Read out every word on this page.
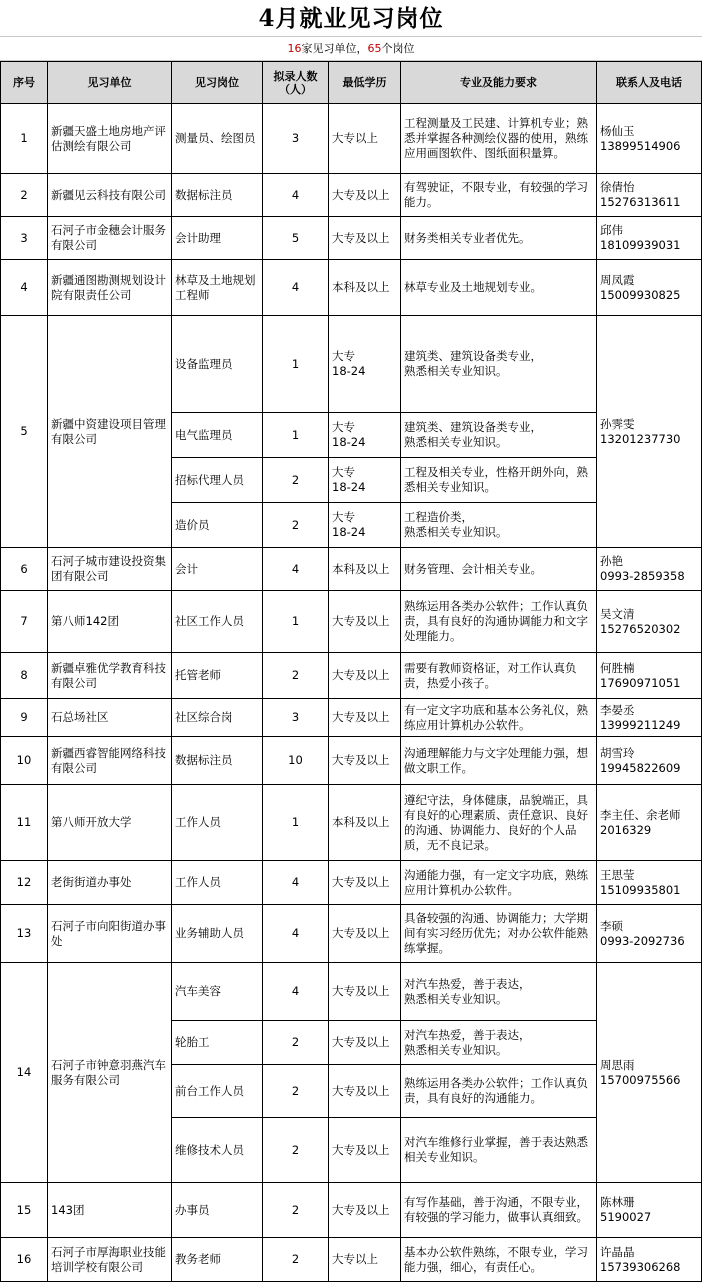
4月就业见习岗位
16家见习单位，65个岗位
序号	见习单位	见习岗位	拟录人数（人）	最低学历	专业及能力要求	联系人及电话
1	新疆天盛土地房地产评估测绘有限公司	测量员、绘图员	3	大专以上	工程测量及工民建、计算机专业；熟悉并掌握各种测绘仪器的使用，熟练应用画图软件、图纸面积量算。	杨仙玉
13899514906
2	新疆见云科技有限公司	数据标注员	4	大专及以上	有驾驶证，不限专业，有较强的学习能力。	徐倩怡
15276313611
3	石河子市金穗会计服务有限公司	会计助理	5	大专及以上	财务类相关专业者优先。	邱伟
18109939031
4	新疆通图勘测规划设计院有限责任公司	林草及土地规划工程师	4	本科及以上	林草专业及土地规划专业。	周凤霞
15009930825
5	新疆中资建设项目管理有限公司	设备监理员	1	大专
18-24	建筑类、建筑设备类专业，
熟悉相关专业知识。	孙霁雯
13201237730
		电气监理员	1	大专
18-24	建筑类、建筑设备类专业，
熟悉相关专业知识。	
		招标代理人员	2	大专
18-24	工程及相关专业，性格开朗外向，熟悉相关专业知识。	
		造价员	2	大专
18-24	工程造价类，
熟悉相关专业知识。	
6	石河子城市建设投资集团有限公司	会计	4	本科及以上	财务管理、会计相关专业。	孙艳
0993-2859358
7	第八师142团	社区工作人员	1	大专及以上	熟练运用各类办公软件；工作认真负责，具有良好的沟通协调能力和文字处理能力。	吴文清
15276520302
8	新疆卓雅优学教育科技有限公司	托管老师	2	大专及以上	需要有教师资格证，对工作认真负责，热爱小孩子。	何胜楠
17690971051
9	石总场社区	社区综合岗	3	大专及以上	有一定文字功底和基本公务礼仪，熟练应用计算机办公软件。	李晏丞
13999211249
10	新疆西睿智能网络科技有限公司	数据标注员	10	大专及以上	沟通理解能力与文字处理能力强，想做文职工作。	胡雪玲
19945822609
11	第八师开放大学	工作人员	1	本科及以上	遵纪守法，身体健康，品貌端正，具有良好的心理素质、责任意识、良好的沟通、协调能力、良好的个人品质，无不良记录。	李主任、余老师
2016329
12	老街街道办事处	工作人员	4	大专及以上	沟通能力强，有一定文字功底，熟练应用计算机办公软件。	王思莹
15109935801
13	石河子市向阳街道办事处	业务辅助人员	4	大专及以上	具备较强的沟通、协调能力；大学期间有实习经历优先；对办公软件能熟练掌握。	李硕
0993-2092736
14	石河子市钟意羽燕汽车服务有限公司	汽车美容	4	大专及以上	对汽车热爱，善于表达，
熟悉相关专业知识。	周思雨
15700975566
		轮胎工	2	大专及以上	对汽车热爱，善于表达，
熟悉相关专业知识。	
		前台工作人员	2	大专及以上	熟练运用各类办公软件；工作认真负责，具有良好的沟通能力。	
		维修技术人员	2	大专及以上	对汽车维修行业掌握，善于表达熟悉相关专业知识。	
15	143团	办事员	2	大专及以上	有写作基础，善于沟通，不限专业，有较强的学习能力，做事认真细致。	陈林珊
5190027
16	石河子市厚海职业技能培训学校有限公司	教务老师	2	大专以上	基本办公软件熟练，不限专业，学习能力强，细心，有责任心。	许晶晶
15739306268
